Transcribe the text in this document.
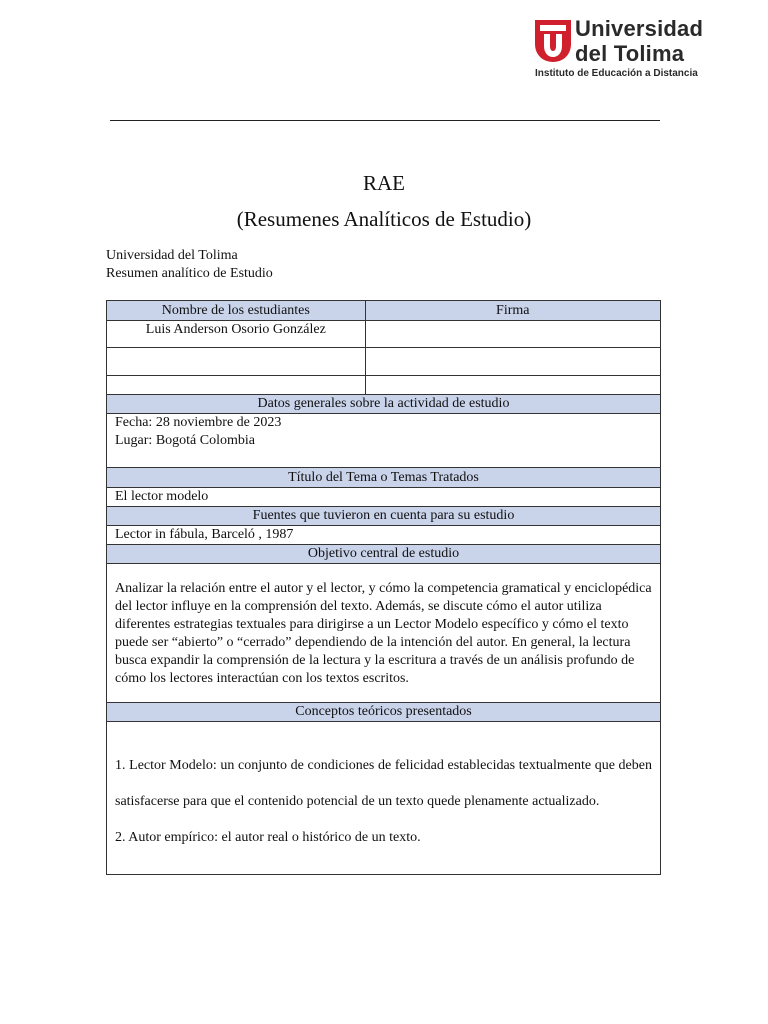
Universidad
del Tolima
Instituto de Educación a Distancia
RAE
(Resumenes Analíticos de Estudio)
Universidad del Tolima
Resumen analítico de Estudio
Nombre de los estudiantes	Firma
Luis Anderson Osorio González	

Datos generales sobre la actividad de estudio	

Fecha: 28 noviembre de 2023
Lugar: Bogotá Colombia	

Título del Tema o Temas Tratados	
El lector modelo	
Fuentes que tuvieron en cuenta para su estudio	
Lector in fábula, Barceló , 1987	
Objetivo central de estudio	
Analizar la relación entre el autor y el lector, y cómo la competencia gramatical y enciclopédica del lector influye en la comprensión del texto. Además, se discute cómo el autor utiliza diferentes estrategias textuales para dirigirse a un Lector Modelo específico y cómo el texto puede ser “abierto” o “cerrado” dependiendo de la intención del autor. En general, la lectura busca expandir la comprensión de la lectura y la escritura a través de un análisis profundo de cómo los lectores interactúan con los textos escritos.	
Conceptos teóricos presentados	

1. Lector Modelo: un conjunto de condiciones de felicidad establecidas textualmente que deben satisfacerse para que el contenido potencial de un texto quede plenamente actualizado.

2. Autor empírico: el autor real o histórico de un texto.	
